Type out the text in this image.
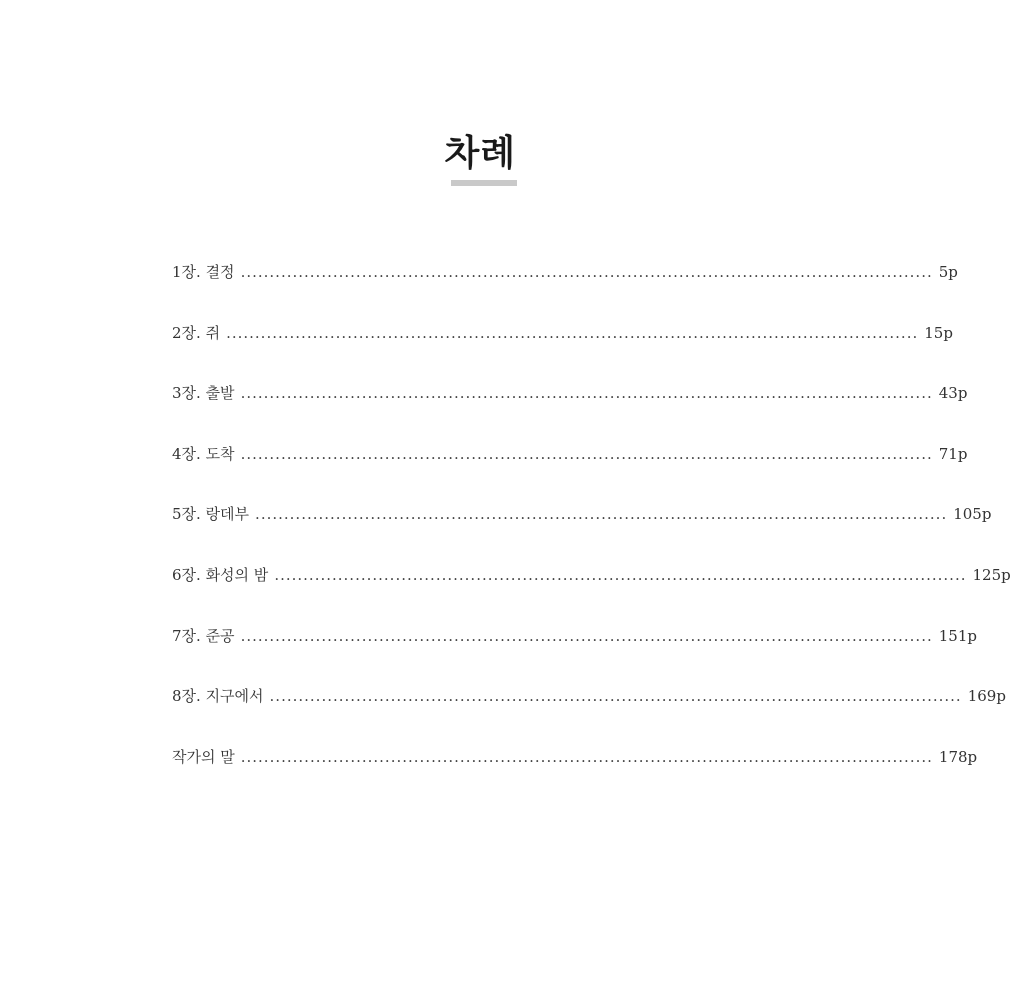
차례
1장. 결정 ........................................................................................................................ 5p
2장. 쥐 ........................................................................................................................ 15p
3장. 출발 ........................................................................................................................ 43p
4장. 도착 ........................................................................................................................ 71p
5장. 랑데부 ........................................................................................................................ 105p
6장. 화성의 밤 ........................................................................................................................ 125p
7장. 준공 ........................................................................................................................ 151p
8장. 지구에서 ........................................................................................................................ 169p
작가의 말 ........................................................................................................................ 178p
